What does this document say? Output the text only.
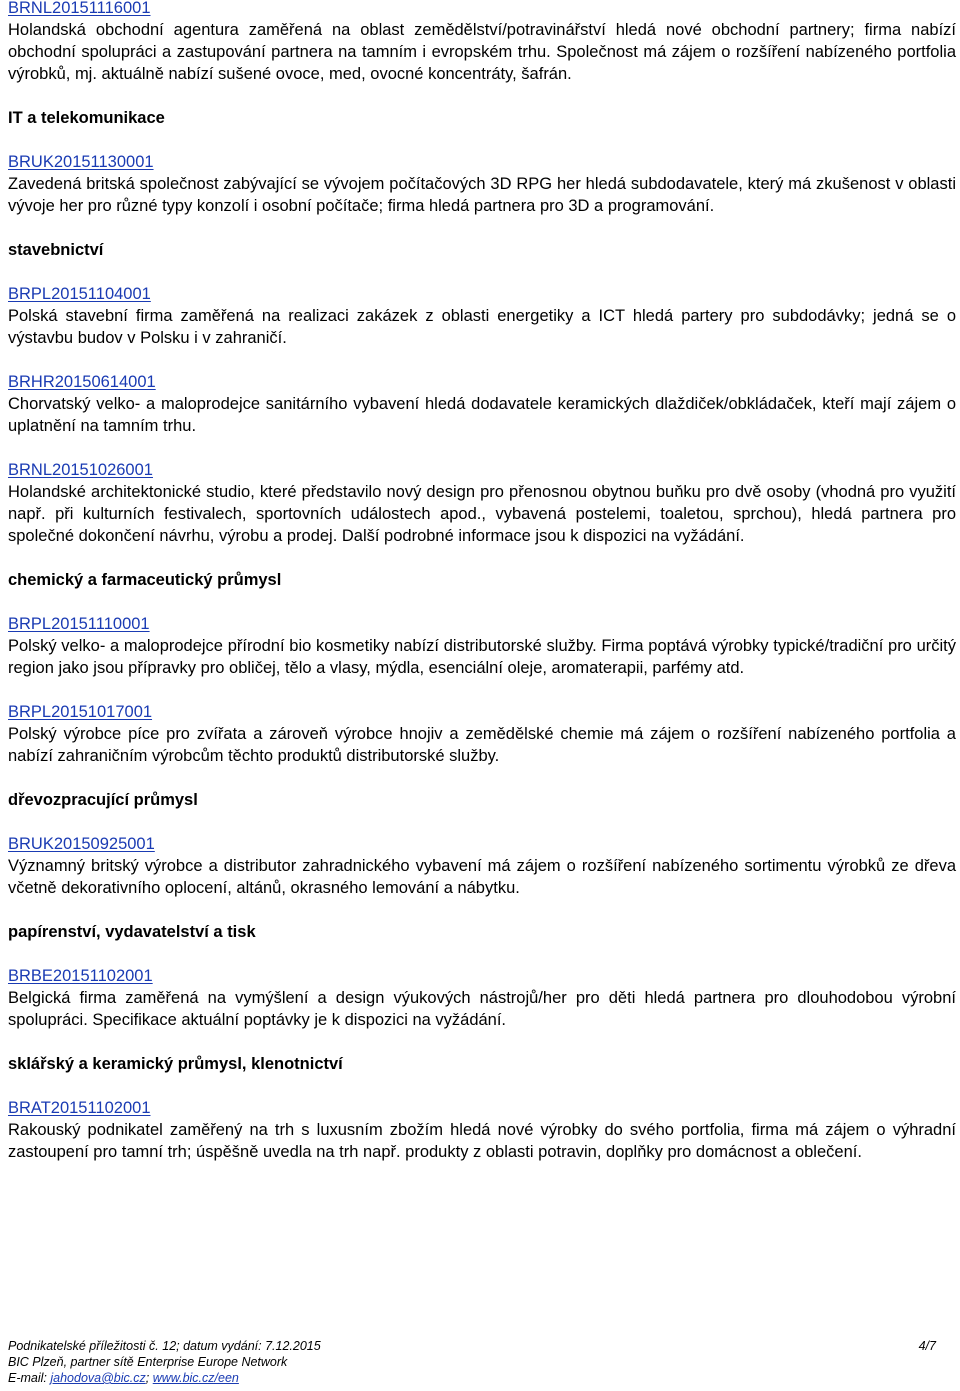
BRNL20151116001
Holandská obchodní agentura zaměřená na oblast zemědělství/potravinářství hledá nové obchodní partnery; firma nabízí obchodní spolupráci a zastupování partnera na tamním i evropském trhu. Společnost má zájem o rozšíření nabízeného portfolia výrobků, mj. aktuálně nabízí sušené ovoce, med, ovocné koncentráty, šafrán.
IT a telekomunikace
BRUK20151130001
Zavedená britská společnost zabývající se vývojem počítačových 3D RPG her hledá subdodavatele, který má zkušenost v oblasti vývoje her pro různé typy konzolí i osobní počítače; firma hledá partnera pro 3D a programování.
stavebnictví
BRPL20151104001
Polská stavební firma zaměřená na realizaci zakázek z oblasti energetiky a ICT hledá partery pro subdodávky; jedná se o výstavbu budov v Polsku i v zahraničí.
BRHR20150614001
Chorvatský velko- a maloprodejce sanitárního vybavení hledá dodavatele keramických dlaždiček/obkládaček, kteří mají zájem o uplatnění na tamním trhu.
BRNL20151026001
Holandské architektonické studio, které představilo nový design pro přenosnou obytnou buňku pro dvě osoby (vhodná pro využití např. při kulturních festivalech, sportovních událostech apod., vybavená postelemi, toaletou, sprchou), hledá partnera pro společné dokončení návrhu, výrobu a prodej. Další podrobné informace jsou k dispozici na vyžádání.
chemický a farmaceutický průmysl
BRPL20151110001
Polský velko- a maloprodejce přírodní bio kosmetiky nabízí distributorské služby. Firma poptává výrobky typické/tradiční pro určitý region jako jsou přípravky pro obličej, tělo a vlasy, mýdla, esenciální oleje, aromaterapii, parfémy atd.
BRPL20151017001
Polský výrobce píce pro zvířata a zároveň výrobce hnojiv a zemědělské chemie má zájem o rozšíření nabízeného portfolia a nabízí zahraničním výrobcům těchto produktů distributorské služby.
dřevozpracující průmysl
BRUK20150925001
Významný britský výrobce a distributor zahradnického vybavení má zájem o rozšíření nabízeného sortimentu výrobků ze dřeva včetně dekorativního oplocení, altánů, okrasného lemování a nábytku.
papírenství, vydavatelství a tisk
BRBE20151102001
Belgická firma zaměřená na vymýšlení a design výukových nástrojů/her pro děti hledá partnera pro dlouhodobou výrobní spolupráci. Specifikace aktuální poptávky je k dispozici na vyžádání.
sklářský a keramický průmysl, klenotnictví
BRAT20151102001
Rakouský podnikatel zaměřený na trh s luxusním zbožím hledá nové výrobky do svého portfolia, firma má zájem o výhradní zastoupení pro tamní trh; úspěšně uvedla na trh např. produkty z oblasti potravin, doplňky pro domácnost a oblečení.
Podnikatelské příležitosti č. 12; datum vydání: 7.12.2015	4/7
BIC Plzeň, partner sítě Enterprise Europe Network
E-mail: jahodova@bic.cz; www.bic.cz/een
